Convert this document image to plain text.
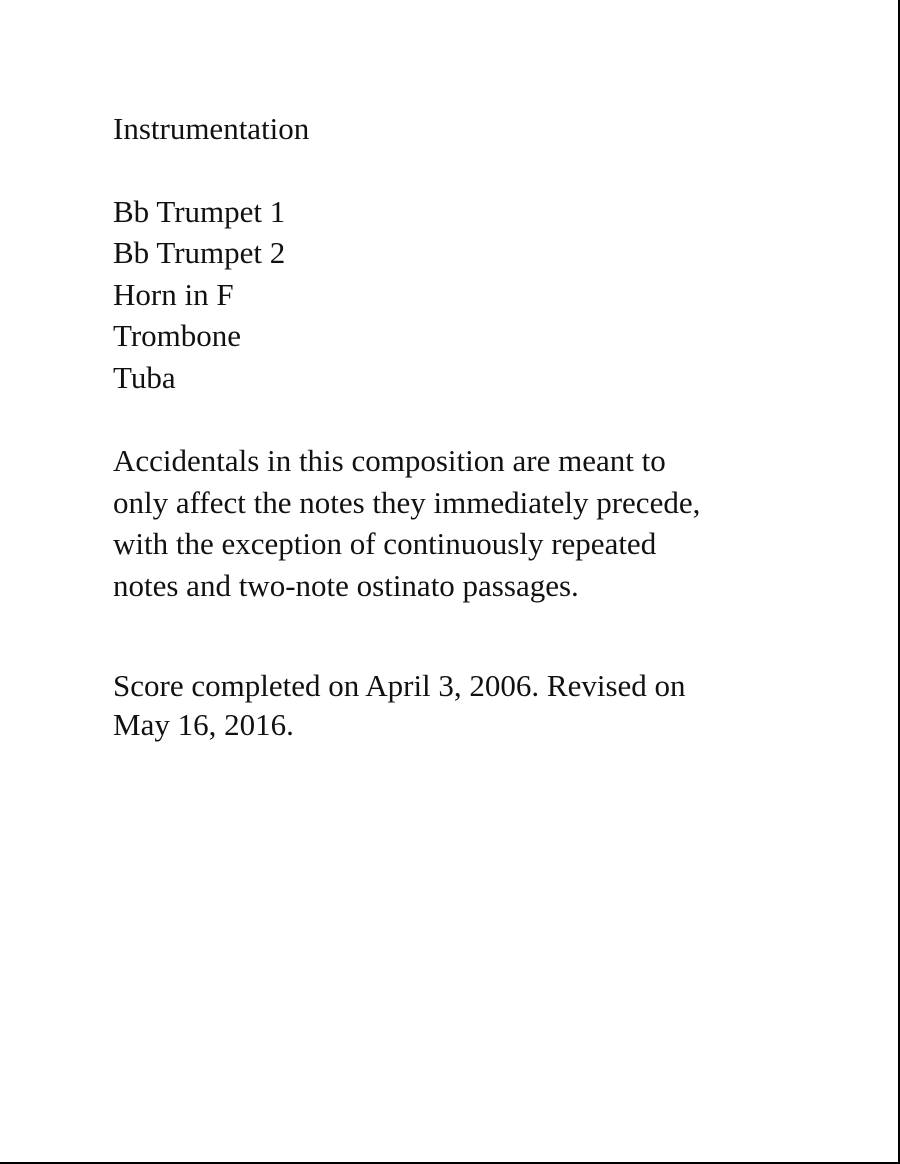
Instrumentation

Bb Trumpet 1
Bb Trumpet 2
Horn in F
Trombone
Tuba

Accidentals in this composition are meant to
only affect the notes they immediately precede,
with the exception of continuously repeated
notes and two-note ostinato passages.

Score completed on April 3, 2006. Revised on
May 16, 2016.
